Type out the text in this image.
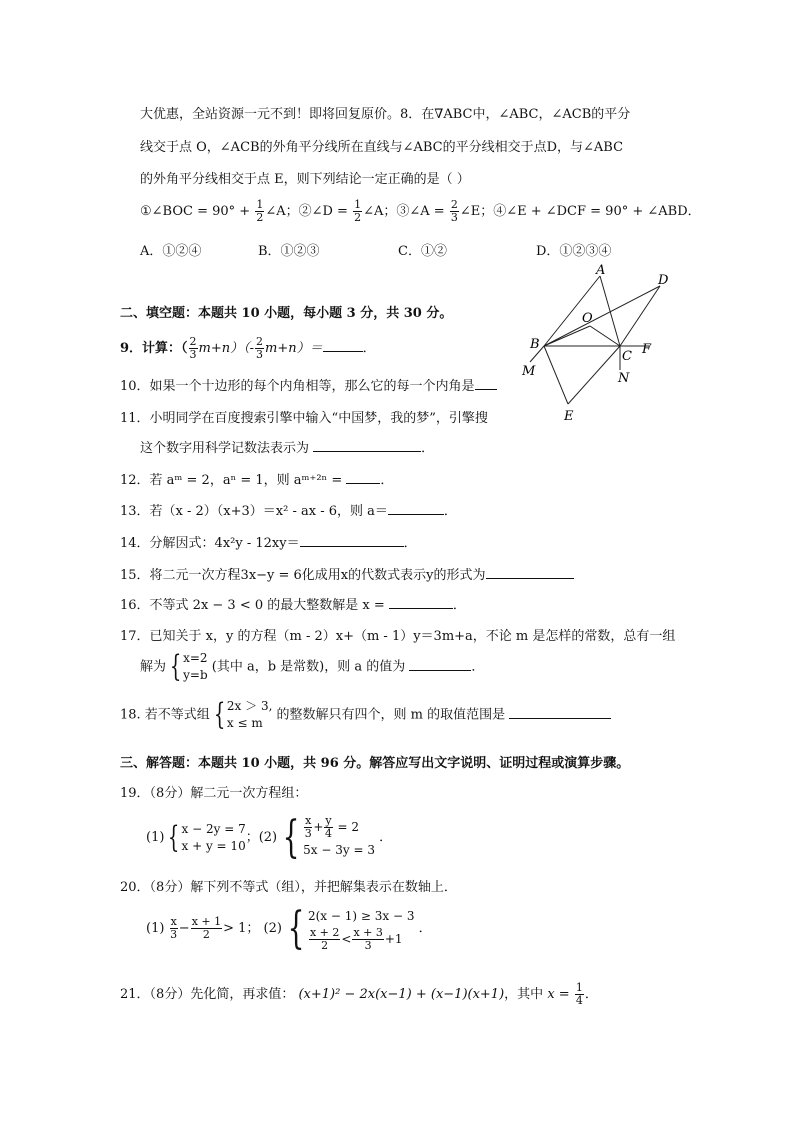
大优惠，全站资源一元不到！即将回复原价。8．在∇ABC中，∠ABC，∠ACB的平分
线交于点 O，∠ACB的外角平分线所在直线与∠ABC的平分线相交于点D，与∠ABC
的外角平分线相交于点 E，则下列结论一定正确的是（ ）
①∠BOC = $90^\circ + \frac{1}{2}$ ∠A；②∠D = $\frac{1}{2}$ ∠A；③∠A = $\frac{2}{3}$ ∠E；④∠E + ∠DCF = 90° + ∠ABD．
A．①②④	B．①②③	C．①②	D．①②③④
A
D
O
B
C F
M	N
E
二、填空题：本题共 10 小题，每小题 3 分，共 30 分。
9．计算：（ $\frac{2}{3} m+n)(- \frac{2}{3} m+n)=$	．
10．如果一个十边形的每个内角相等，那么它的每一个内角是
11．小明同学在百度搜索引擎中输入“中国梦，我的梦”，引擎搜
这个数字用科学记数法表示为	．
12．若 aᵐ = 2，aⁿ = 1，则 aᵐ⁺²ⁿ =	．
13．若（x - 2）（x+3）＝x² - ax - 6，则 a＝	．
14．分解因式：4x²y - 12xy＝	．
15．将二元一次方程3x−y = 6化成用x的代数式表示y的形式为
16．不等式 2x − 3 < 0 的最大整数解是 x =	．
17．已知关于 x，y 的方程（m - 2）x+（m - 1）y＝3m+a，不论 m 是怎样的常数，总有一组
解为 { x=2
y=b
(其中 a，b 是常数)，则 a 的值为	．
18. 若不等式组 { 2x ＞ 3,
x ≤ m
的整数解只有四个，则 m 的取值范围是
三、解答题：本题共 10 小题，共 96 分。解答应写出文字说明、证明过程或演算步骤。
19．（8分）解二元一次方程组：
(1) { x − 2y = 7
x + y = 10
；(2) { $\frac{x}{3} + \frac{y}{4} = 2$
5x − 3y = 3
．
20．（8分）解下列不等式（组），并把解集表示在数轴上．
$(1) \frac{x}{3} - \frac{x + 1}{2} > 1$； (2) { 2(x − 1) ≥ 3x − 3
$\frac{x + 2}{2} < \frac{x + 3}{3} +1$
．
21．（8分）先化简，再求值： (x+1)² − 2x(x−1) + (x−1)(x+1)，其中 $x = \frac{1}{4}$ ．
